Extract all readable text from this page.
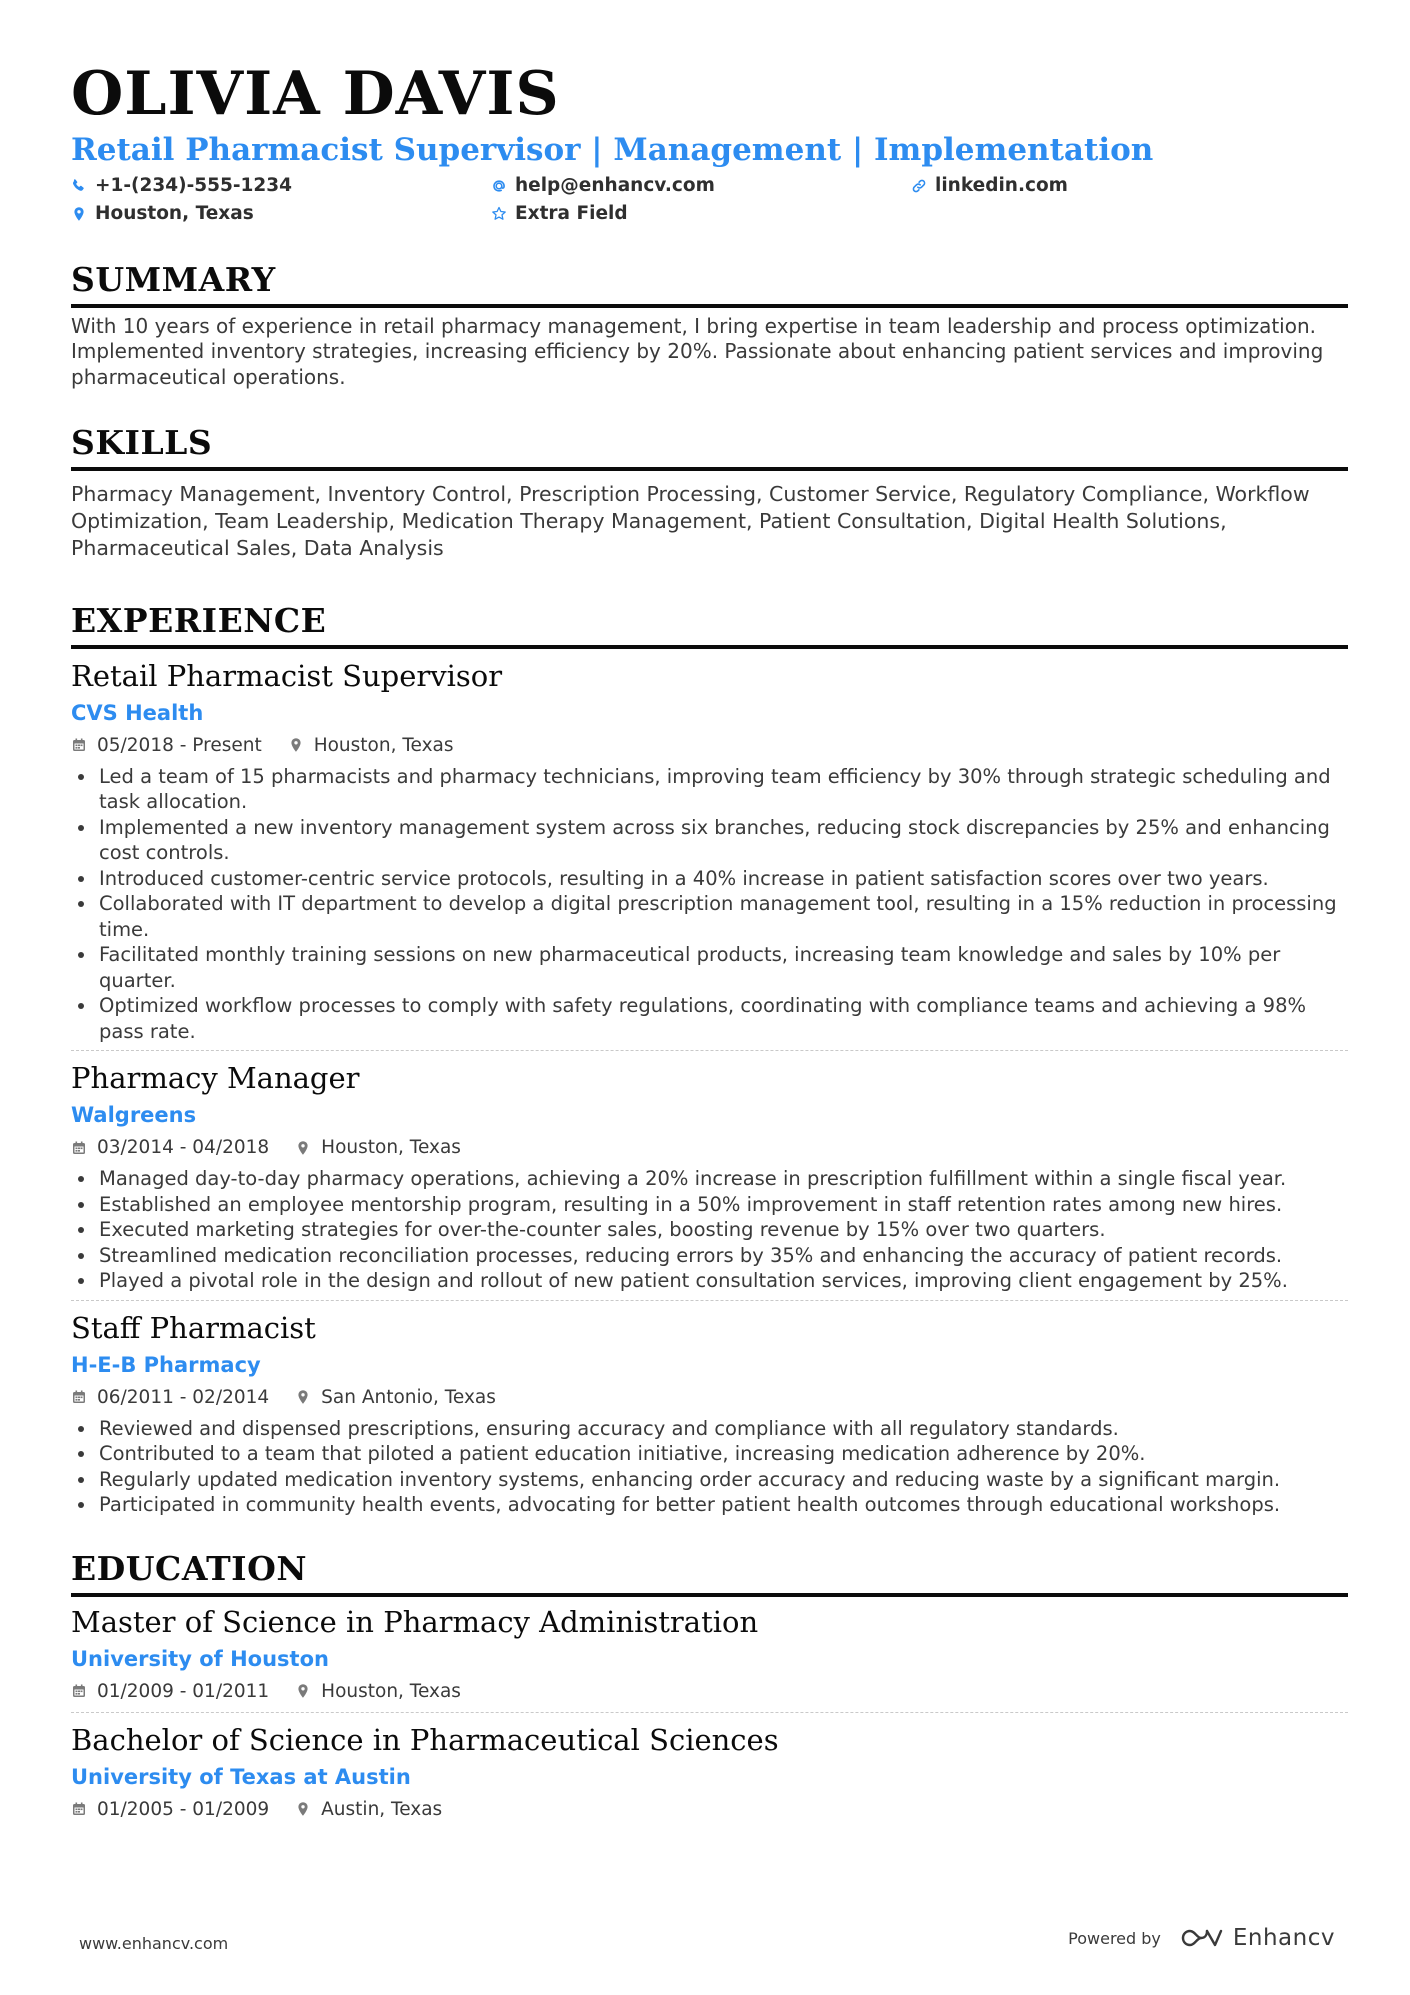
OLIVIA DAVIS
Retail Pharmacist Supervisor | Management | Implementation
+1-(234)-555-1234	help@enhancv.com	linkedin.com
Houston, Texas	Extra Field
SUMMARY
With 10 years of experience in retail pharmacy management, I bring expertise in team leadership and process optimization. Implemented inventory strategies, increasing efficiency by 20%. Passionate about enhancing patient services and improving pharmaceutical operations.
SKILLS
Pharmacy Management, Inventory Control, Prescription Processing, Customer Service, Regulatory Compliance, Workflow Optimization, Team Leadership, Medication Therapy Management, Patient Consultation, Digital Health Solutions, Pharmaceutical Sales, Data Analysis
EXPERIENCE
Retail Pharmacist Supervisor
CVS Health
05/2018 - Present	Houston, Texas
Led a team of 15 pharmacists and pharmacy technicians, improving team efficiency by 30% through strategic scheduling and task allocation.
Implemented a new inventory management system across six branches, reducing stock discrepancies by 25% and enhancing cost controls.
Introduced customer-centric service protocols, resulting in a 40% increase in patient satisfaction scores over two years.
Collaborated with IT department to develop a digital prescription management tool, resulting in a 15% reduction in processing time.
Facilitated monthly training sessions on new pharmaceutical products, increasing team knowledge and sales by 10% per quarter.
Optimized workflow processes to comply with safety regulations, coordinating with compliance teams and achieving a 98% pass rate.
Pharmacy Manager
Walgreens
03/2014 - 04/2018	Houston, Texas
Managed day-to-day pharmacy operations, achieving a 20% increase in prescription fulfillment within a single fiscal year.
Established an employee mentorship program, resulting in a 50% improvement in staff retention rates among new hires.
Executed marketing strategies for over-the-counter sales, boosting revenue by 15% over two quarters.
Streamlined medication reconciliation processes, reducing errors by 35% and enhancing the accuracy of patient records.
Played a pivotal role in the design and rollout of new patient consultation services, improving client engagement by 25%.
Staff Pharmacist
H-E-B Pharmacy
06/2011 - 02/2014	San Antonio, Texas
Reviewed and dispensed prescriptions, ensuring accuracy and compliance with all regulatory standards.
Contributed to a team that piloted a patient education initiative, increasing medication adherence by 20%.
Regularly updated medication inventory systems, enhancing order accuracy and reducing waste by a significant margin.
Participated in community health events, advocating for better patient health outcomes through educational workshops.
EDUCATION
Master of Science in Pharmacy Administration
University of Houston
01/2009 - 01/2011	Houston, Texas
Bachelor of Science in Pharmaceutical Sciences
University of Texas at Austin
01/2005 - 01/2009	Austin, Texas
www.enhancv.com	Powered by	Enhancv
